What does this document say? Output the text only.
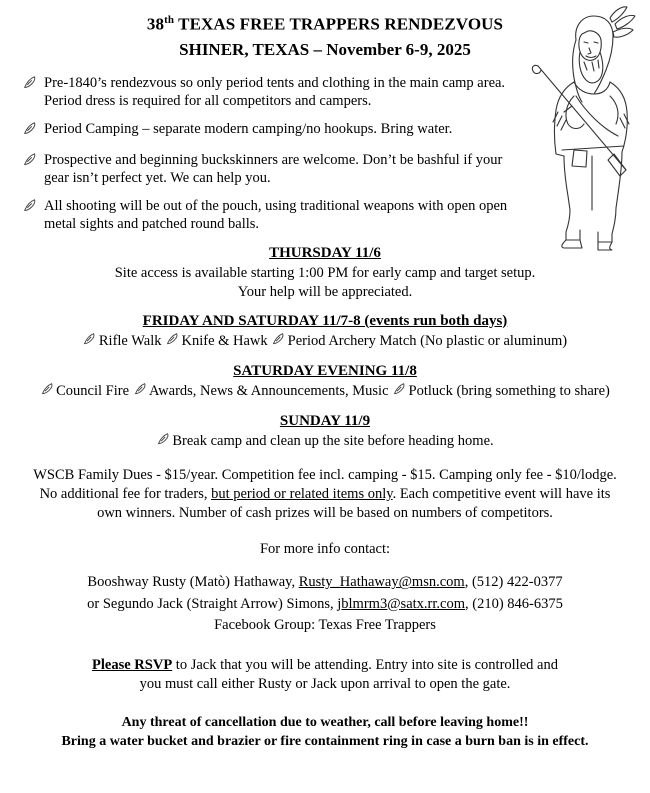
38th TEXAS FREE TRAPPERS RENDEZVOUS
SHINER, TEXAS – November 6-9, 2025
Pre-1840’s rendezvous so only period tents and clothing in the main camp area. Period dress is required for all competitors and campers.
Period Camping – separate modern camping/no hookups. Bring water.
Prospective and beginning buckskinners are welcome. Don’t be bashful if your gear isn’t perfect yet. We can help you.
All shooting will be out of the pouch, using traditional weapons with open open metal sights and patched round balls.
THURSDAY 11/6
Site access is available starting 1:00 PM for early camp and target setup.
Your help will be appreciated.
FRIDAY AND SATURDAY 11/7-8 (events run both days)
Rifle Walk Knife & Hawk Period Archery Match (No plastic or aluminum)
SATURDAY EVENING 11/8
Council Fire Awards, News & Announcements, Music Potluck (bring something to share)
SUNDAY 11/9
Break camp and clean up the site before heading home.
WSCB Family Dues - $15/year. Competition fee incl. camping - $15. Camping only fee - $10/lodge.
No additional fee for traders, but period or related items only. Each competitive event will have its
own winners. Number of cash prizes will be based on numbers of competitors.
For more info contact:
Booshway Rusty (Matò) Hathaway, Rusty_Hathaway@msn.com, (512) 422-0377
or Segundo Jack (Straight Arrow) Simons, jblmrm3@satx.rr.com, (210) 846-6375
Facebook Group: Texas Free Trappers
Please RSVP to Jack that you will be attending. Entry into site is controlled and
you must call either Rusty or Jack upon arrival to open the gate.
Any threat of cancellation due to weather, call before leaving home!!
Bring a water bucket and brazier or fire containment ring in case a burn ban is in effect.
